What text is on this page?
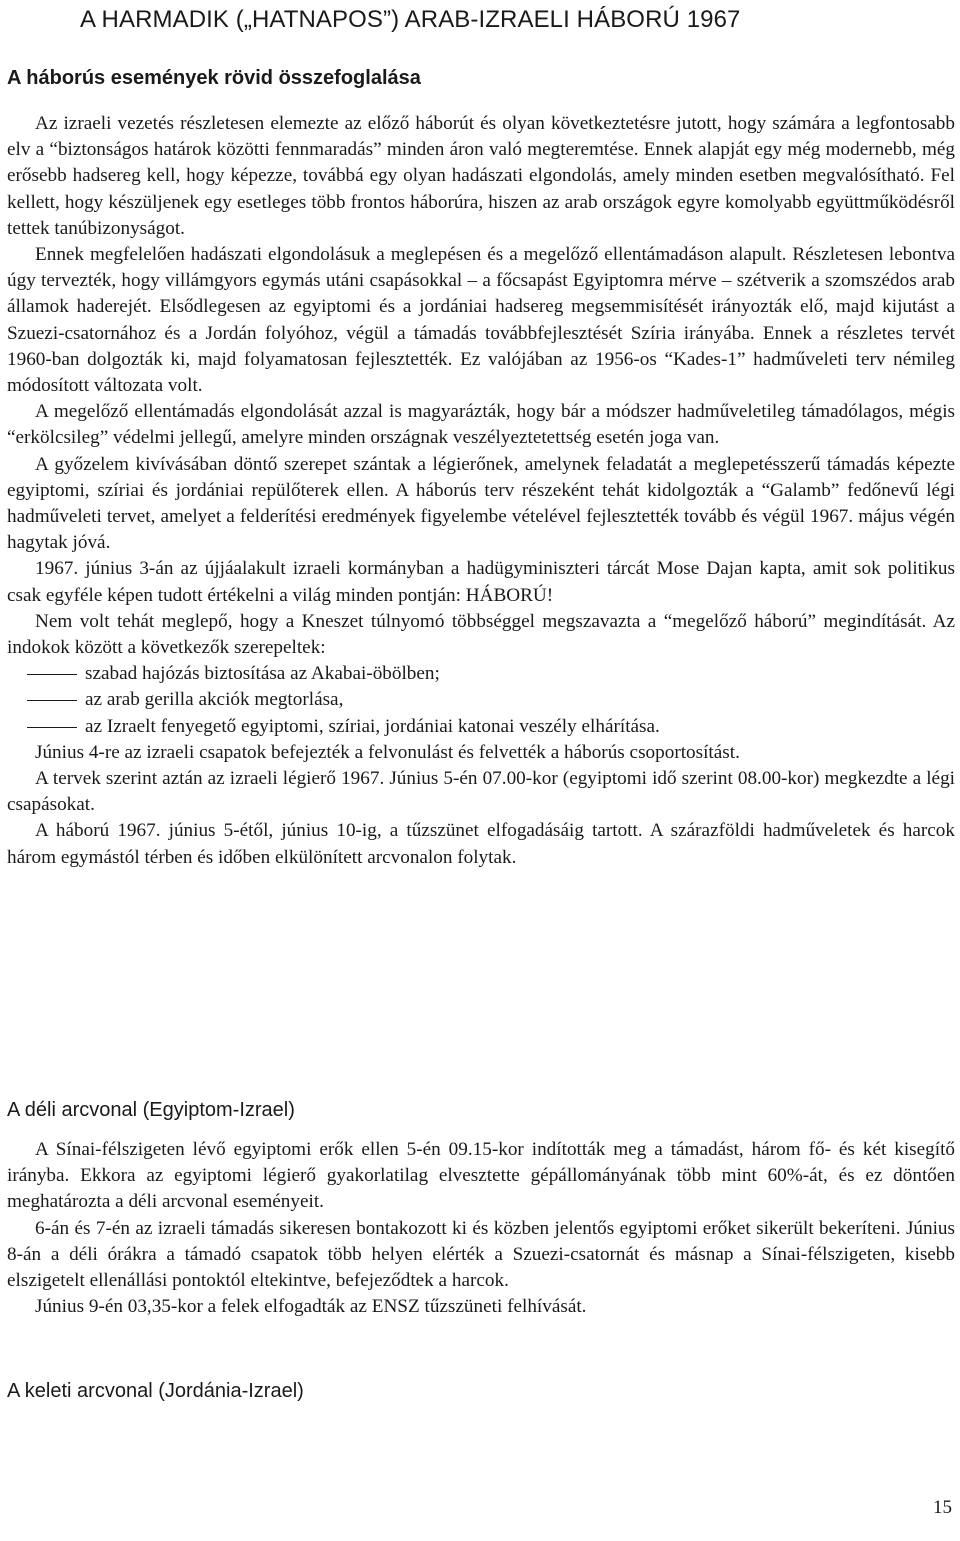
A HARMADIK („HATNAPOS”) ARAB-IZRAELI HÁBORÚ 1967
A háborús események rövid összefoglalása

Az izraeli vezetés részletesen elemezte az előző háborút és olyan következtetésre jutott, hogy számára a legfontosabb elv a “biztonságos határok közötti fennmaradás” minden áron való megteremtése. Ennek alapját egy még modernebb, még erősebb hadsereg kell, hogy képezze, továbbá egy olyan hadászati elgondolás, amely minden esetben megvalósítható. Fel kellett, hogy készüljenek egy esetleges több frontos háborúra, hiszen az arab országok egyre komolyabb együttműködésről tettek tanúbizonyságot.

Ennek megfelelően hadászati elgondolásuk a meglepésen és a megelőző ellentámadáson alapult. Részletesen lebontva úgy tervezték, hogy villámgyors egymás utáni csapásokkal – a főcsapást Egyiptomra mérve – szétverik a szomszédos arab államok haderejét. Elsődlegesen az egyiptomi és a jordániai hadsereg megsemmisítését irányozták elő, majd kijutást a Szuezi-csatornához és a Jordán folyóhoz, végül a támadás továbbfejlesztését Szíria irányába. Ennek a részletes tervét 1960-ban dolgozták ki, majd folyamatosan fejlesztették. Ez valójában az 1956-os “Kades-1” hadműveleti terv némileg módosított változata volt.

A megelőző ellentámadás elgondolását azzal is magyarázták, hogy bár a módszer hadműveletileg támadólagos, mégis “erkölcsileg” védelmi jellegű, amelyre minden országnak veszélyeztetettség esetén joga van.

A győzelem kivívásában döntő szerepet szántak a légierőnek, amelynek feladatát a meglepetésszerű támadás képezte egyiptomi, szíriai és jordániai repülőterek ellen. A háborús terv részeként tehát kidolgozták a “Galamb” fedőnevű légi hadműveleti tervet, amelyet a felderítési eredmények figyelembe vételével fejlesztették tovább és végül 1967. május végén hagytak jóvá.

1967. június 3-án az újjáalakult izraeli kormányban a hadügyminiszteri tárcát Mose Dajan kapta, amit sok politikus csak egyféle képen tudott értékelni a világ minden pontján: HÁBORÚ!

Nem volt tehát meglepő, hogy a Kneszet túlnyomó többséggel megszavazta a “megelőző háború” megindítását. Az indokok között a következők szerepeltek:

szabad hajózás biztosítása az Akabai-öbölben;

az arab gerilla akciók megtorlása,

az Izraelt fenyegető egyiptomi, szíriai, jordániai katonai veszély elhárítása.

Június 4-re az izraeli csapatok befejezték a felvonulást és felvették a háborús csoportosítást.

A tervek szerint aztán az izraeli légierő 1967. Június 5-én 07.00-kor (egyiptomi idő szerint 08.00-kor) megkezdte a légi csapásokat.

A háború 1967. június 5-étől, június 10-ig, a tűzszünet elfogadásáig tartott. A szárazföldi hadműveletek és harcok három egymástól térben és időben elkülönített arcvonalon folytak.

A déli arcvonal (Egyiptom-Izrael)

A Sínai-félszigeten lévő egyiptomi erők ellen 5-én 09.15-kor indították meg a támadást, három fő- és két kisegítő irányba. Ekkora az egyiptomi légierő gyakorlatilag elvesztette gépállományának több mint 60%-át, és ez döntően meghatározta a déli arcvonal eseményeit.

6-án és 7-én az izraeli támadás sikeresen bontakozott ki és közben jelentős egyiptomi erőket sikerült bekeríteni. Június 8-án a déli órákra a támadó csapatok több helyen elérték a Szuezi-csatornát és másnap a Sínai-félszigeten, kisebb elszigetelt ellenállási pontoktól eltekintve, befejeződtek a harcok.

Június 9-én 03,35-kor a felek elfogadták az ENSZ tűzszüneti felhívását.

A keleti arcvonal (Jordánia-Izrael)
15
